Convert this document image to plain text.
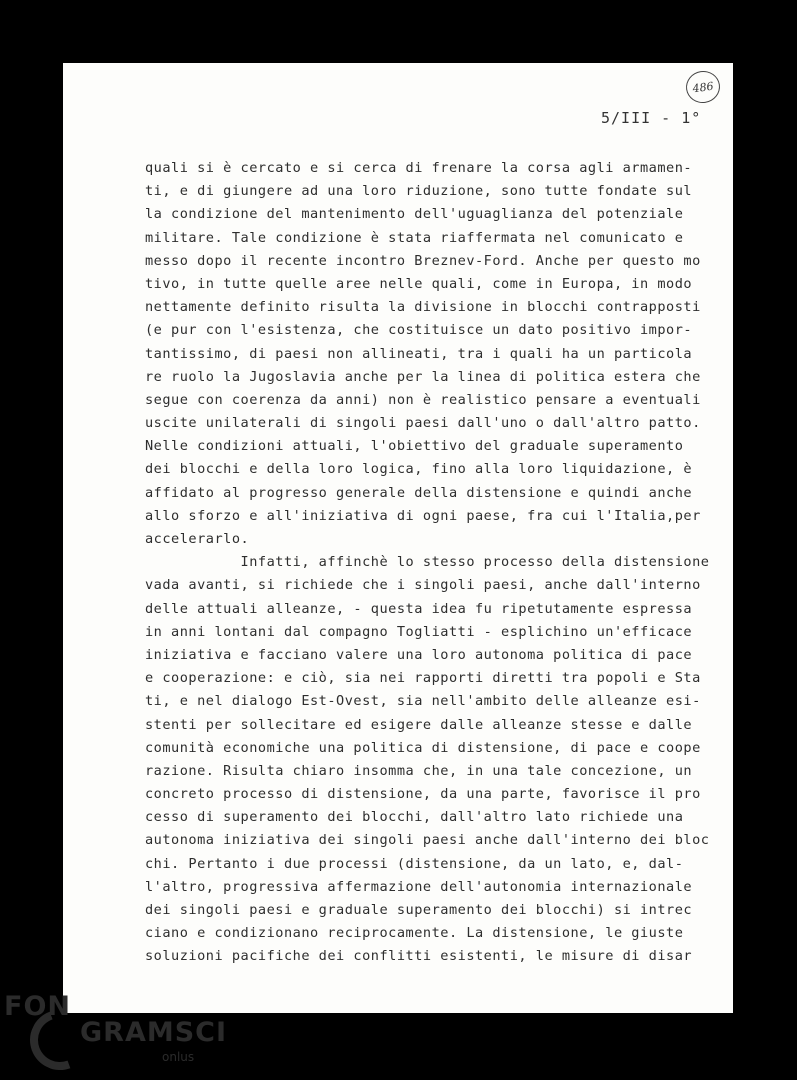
486
5/III - 1°
quali si è cercato e si cerca di frenare la corsa agli armamen-
ti, e di giungere ad una loro riduzione, sono tutte fondate sul
la condizione del mantenimento dell'uguaglianza del potenziale
militare. Tale condizione è stata riaffermata nel comunicato e
messo dopo il recente incontro Breznev-Ford. Anche per questo mo
tivo, in tutte quelle aree nelle quali, come in Europa, in modo
nettamente definito risulta la divisione in blocchi contrapposti
(e pur con l'esistenza, che costituisce un dato positivo impor-
tantissimo, di paesi non allineati, tra i quali ha un particola
re ruolo la Jugoslavia anche per la linea di politica estera che
segue con coerenza da anni) non è realistico pensare a eventuali
uscite unilaterali di singoli paesi dall'uno o dall'altro patto.
Nelle condizioni attuali, l'obiettivo del graduale superamento
dei blocchi e della loro logica, fino alla loro liquidazione, è
affidato al progresso generale della distensione e quindi anche
allo sforzo e all'iniziativa di ogni paese, fra cui l'Italia,per
accelerarlo.
Infatti, affinchè lo stesso processo della distensione
vada avanti, si richiede che i singoli paesi, anche dall'interno
delle attuali alleanze, - questa idea fu ripetutamente espressa
in anni lontani dal compagno Togliatti - esplichino un'efficace
iniziativa e facciano valere una loro autonoma politica di pace
e cooperazione: e ciò, sia nei rapporti diretti tra popoli e Sta
ti, e nel dialogo Est-Ovest, sia nell'ambito delle alleanze esi-
stenti per sollecitare ed esigere dalle alleanze stesse e dalle
comunità economiche una politica di distensione, di pace e coope
razione. Risulta chiaro insomma che, in una tale concezione, un
concreto processo di distensione, da una parte, favorisce il pro
cesso di superamento dei blocchi, dall'altro lato richiede una
autonoma iniziativa dei singoli paesi anche dall'interno dei bloc
chi. Pertanto i due processi (distensione, da un lato, e, dal-
l'altro, progressiva affermazione dell'autonomia internazionale
dei singoli paesi e graduale superamento dei blocchi) si intrec
ciano e condizionano reciprocamente. La distensione, le giuste
soluzioni pacifiche dei conflitti esistenti, le misure di disar
FON
GRAMSCI
onlus
